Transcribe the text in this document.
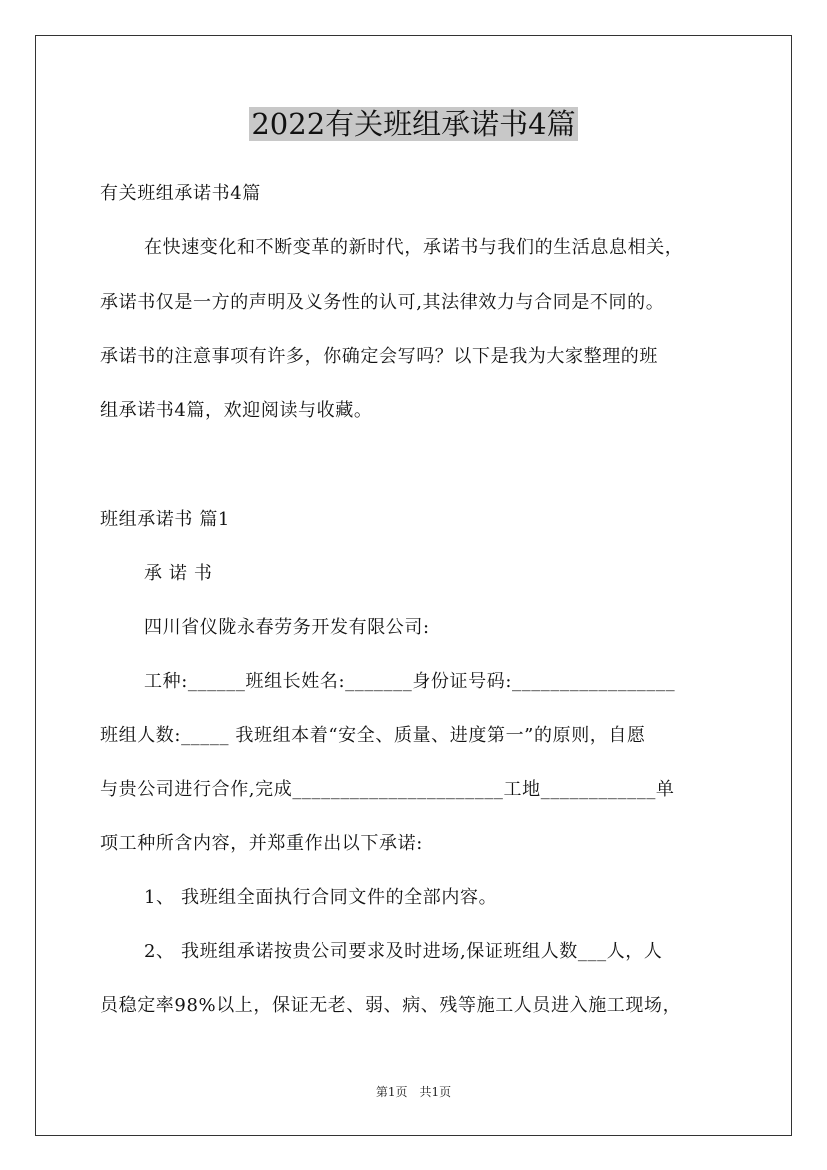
2022有关班组承诺书4篇
有关班组承诺书4篇
在快速变化和不断变革的新时代，承诺书与我们的生活息息相关，
承诺书仅是一方的声明及义务性的认可,其法律效力与合同是不同的。
承诺书的注意事项有许多，你确定会写吗？以下是我为大家整理的班
组承诺书4篇，欢迎阅读与收藏。
班组承诺书 篇1
承 诺 书
四川省仪陇永春劳务开发有限公司:
工种:______班组长姓名:_______身份证号码:_________________
班组人数:_____ 我班组本着“安全、质量、进度第一”的原则，自愿
与贵公司进行合作,完成______________________工地____________单
项工种所含内容，并郑重作出以下承诺:
1、 我班组全面执行合同文件的全部内容。
2、 我班组承诺按贵公司要求及时进场,保证班组人数___人，人
员稳定率98%以上，保证无老、弱、病、残等施工人员进入施工现场，
第1页　共1页
